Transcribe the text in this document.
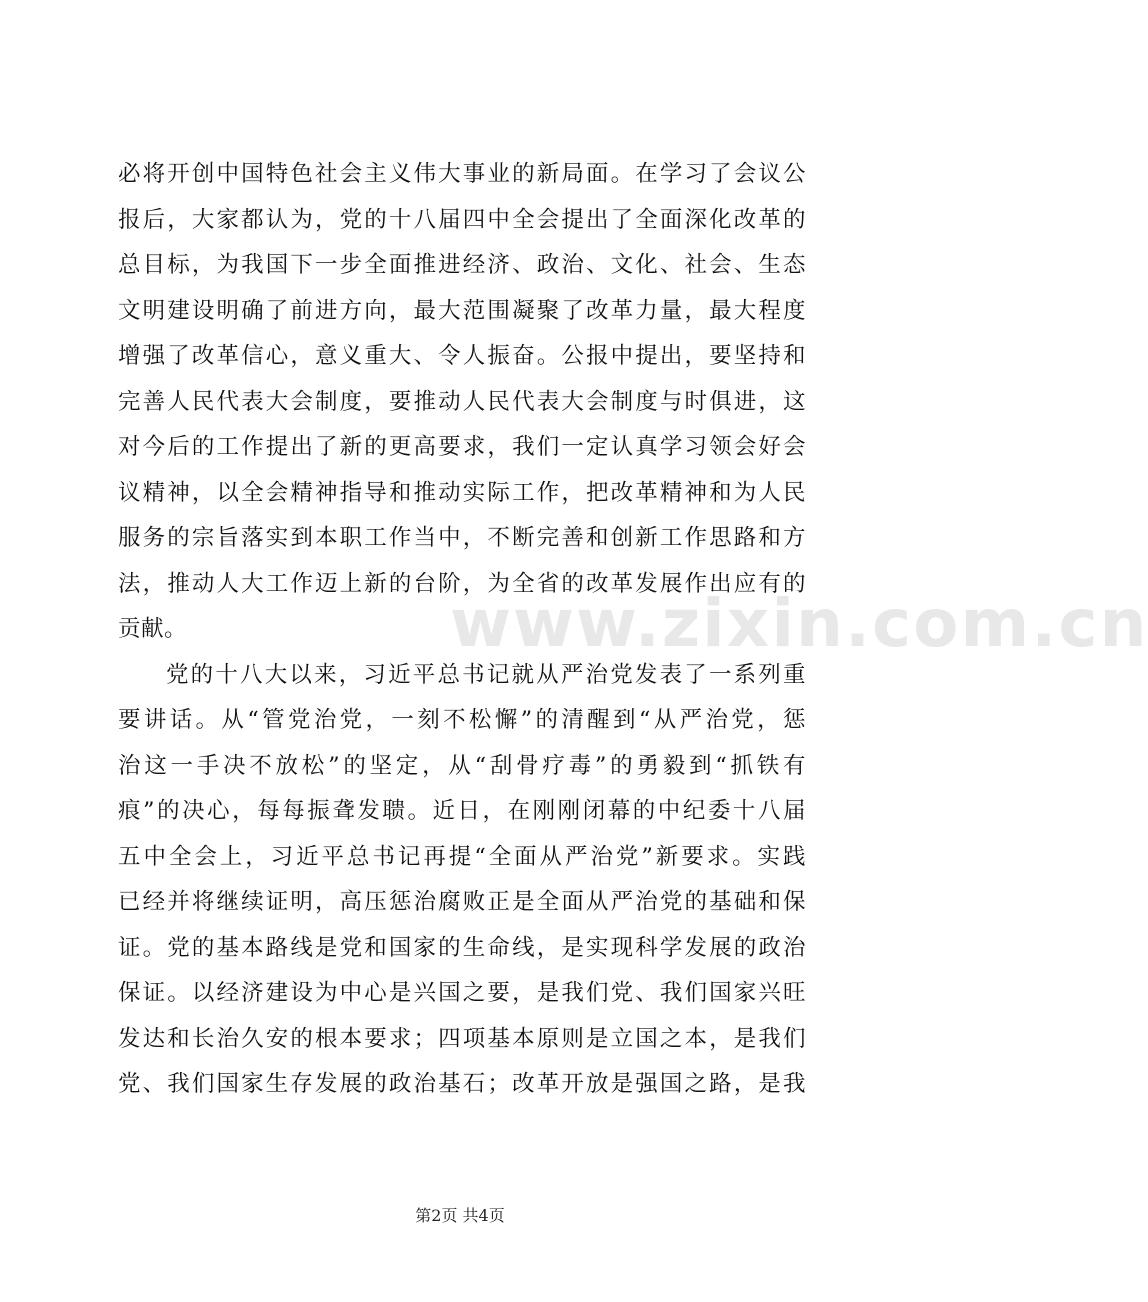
必将开创中国特色社会主义伟大事业的新局面。在学习了会议公
报后，大家都认为，党的十八届四中全会提出了全面深化改革的
总目标，为我国下一步全面推进经济、政治、文化、社会、生态
文明建设明确了前进方向，最大范围凝聚了改革力量，最大程度
增强了改革信心，意义重大、令人振奋。公报中提出，要坚持和
完善人民代表大会制度，要推动人民代表大会制度与时俱进，这
对今后的工作提出了新的更高要求，我们一定认真学习领会好会
议精神，以全会精神指导和推动实际工作，把改革精神和为人民
服务的宗旨落实到本职工作当中，不断完善和创新工作思路和方
法，推动人大工作迈上新的台阶，为全省的改革发展作出应有的
贡献。
党的十八大以来，习近平总书记就从严治党发表了一系列重
要讲话。从“管党治党，一刻不松懈”的清醒到“从严治党，惩
治这一手决不放松”的坚定，从“刮骨疗毒”的勇毅到“抓铁有
痕”的决心，每每振聋发聩。近日，在刚刚闭幕的中纪委十八届
五中全会上，习近平总书记再提“全面从严治党”新要求。实践
已经并将继续证明，高压惩治腐败正是全面从严治党的基础和保
证。党的基本路线是党和国家的生命线，是实现科学发展的政治
保证。以经济建设为中心是兴国之要，是我们党、我们国家兴旺
发达和长治久安的根本要求；四项基本原则是立国之本，是我们
党、我们国家生存发展的政治基石；改革开放是强国之路，是我
www.zixin.com.cn
第2页 共4页
